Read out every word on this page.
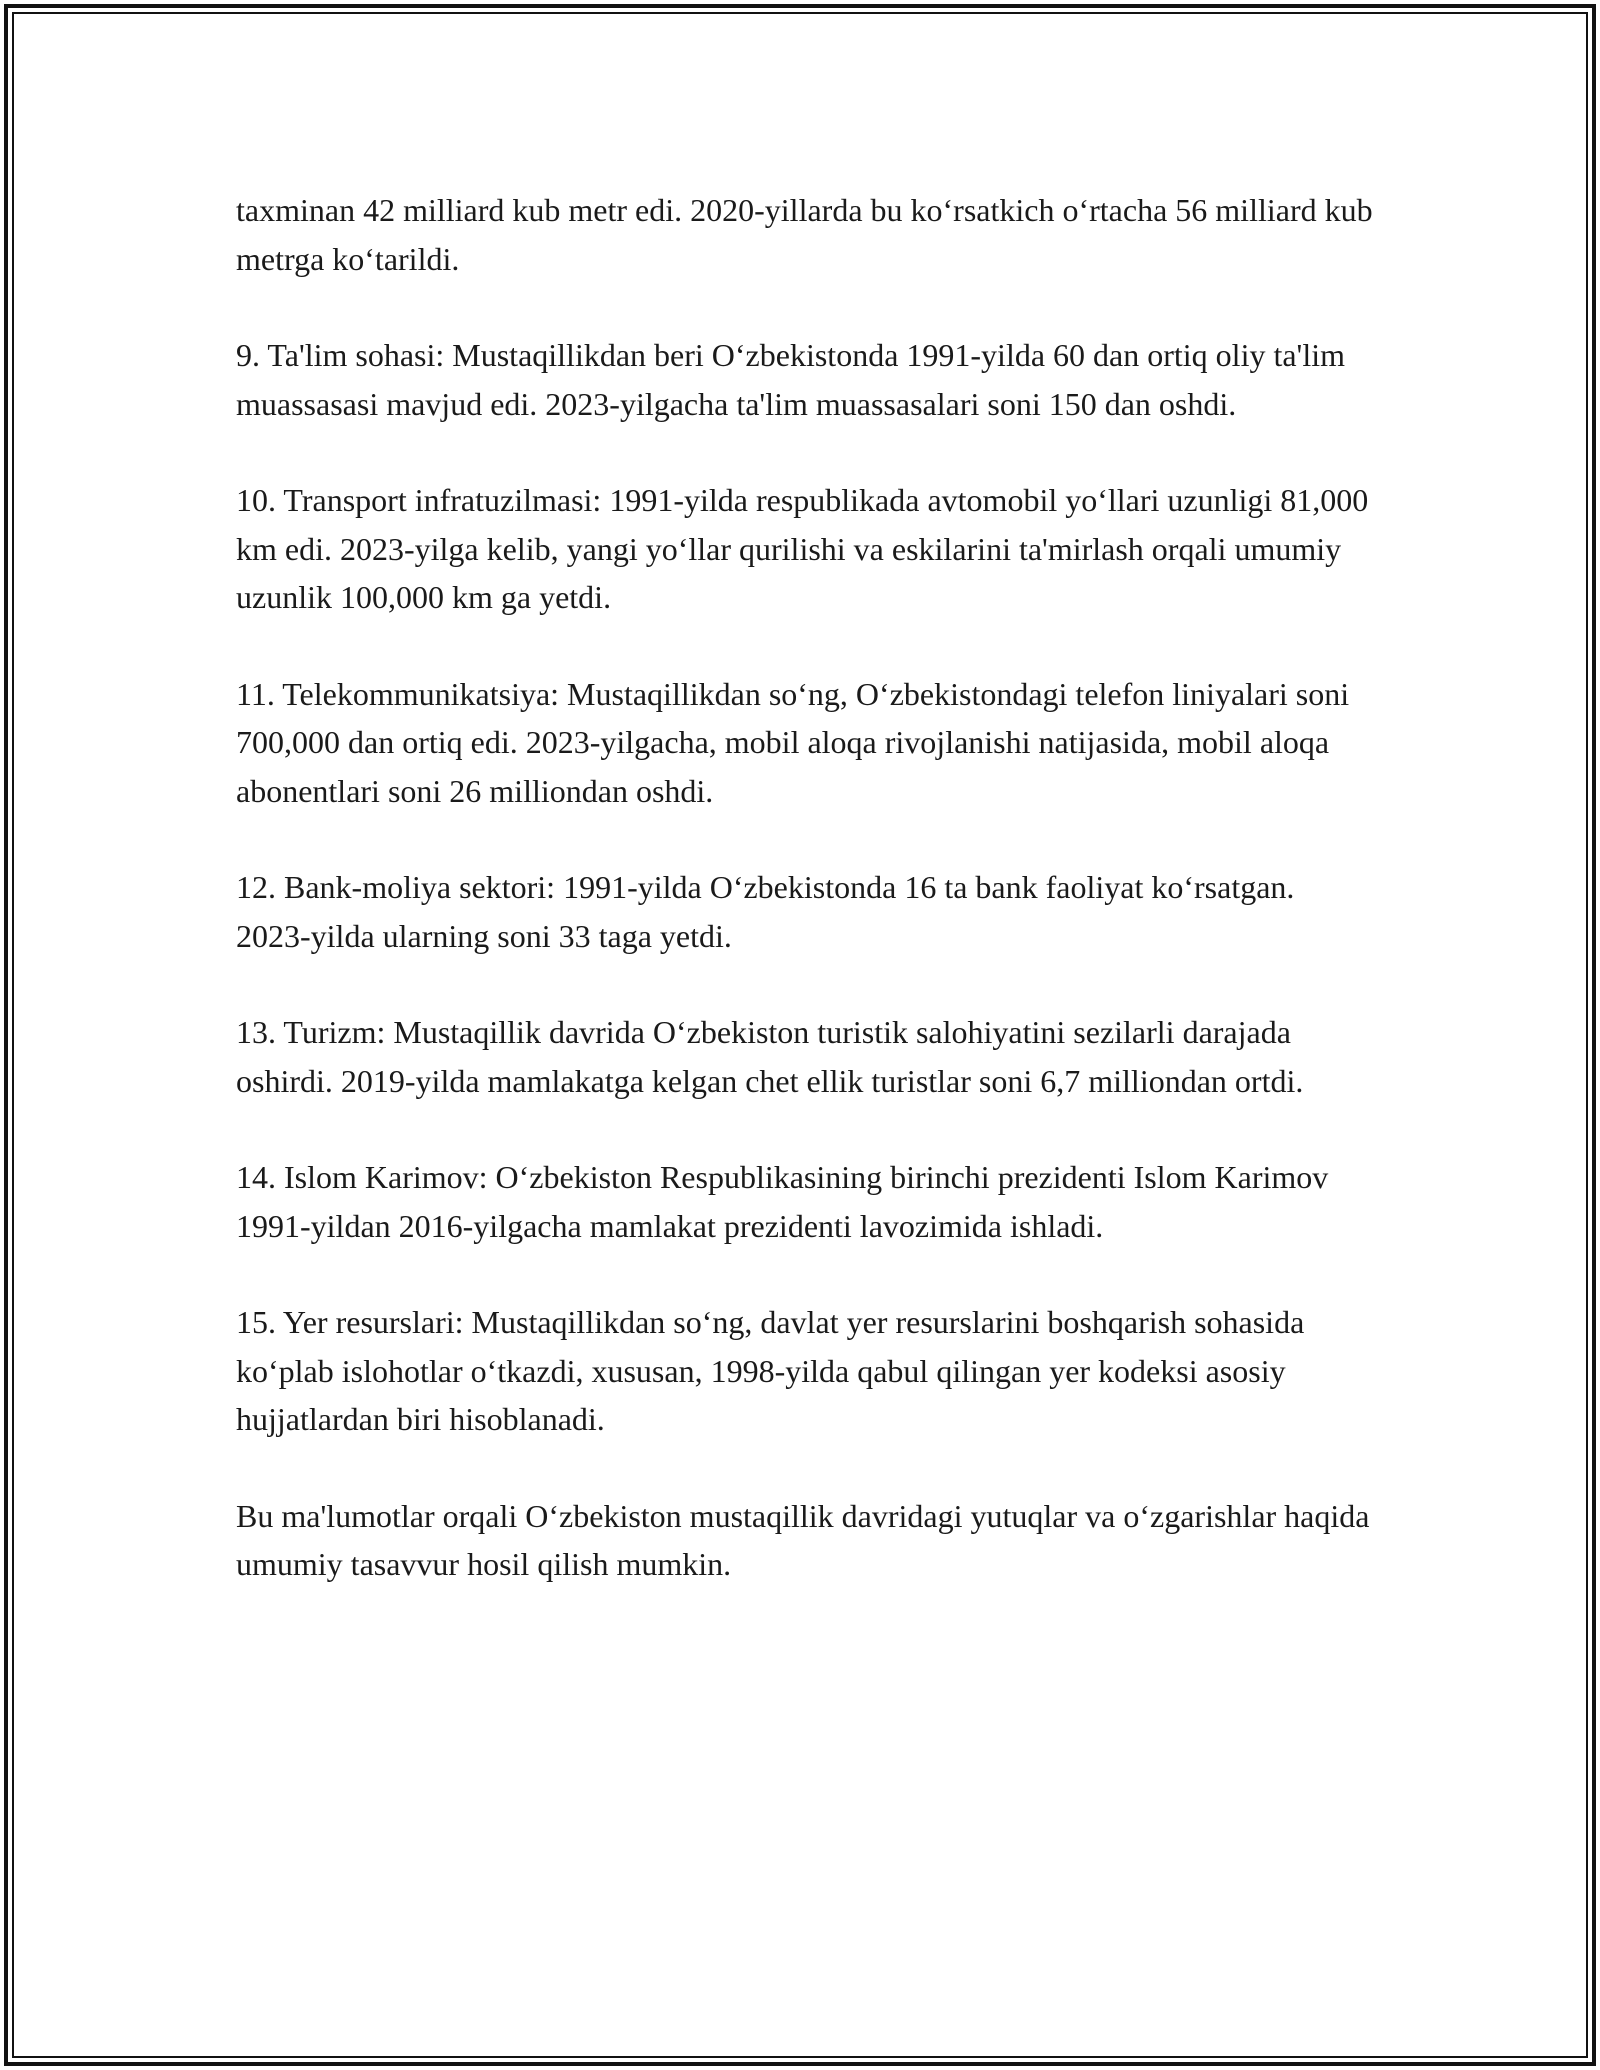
taxminan 42 milliard kub metr edi. 2020-yillarda bu ko‘rsatkich o‘rtacha 56 milliard kub metrga ko‘tarildi.

9. Ta'lim sohasi: Mustaqillikdan beri O‘zbekistonda 1991-yilda 60 dan ortiq oliy ta'lim muassasasi mavjud edi. 2023-yilgacha ta'lim muassasalari soni 150 dan oshdi.

10. Transport infratuzilmasi: 1991-yilda respublikada avtomobil yo‘llari uzunligi 81,000 km edi. 2023-yilga kelib, yangi yo‘llar qurilishi va eskilarini ta'mirlash orqali umumiy uzunlik 100,000 km ga yetdi.

11. Telekommunikatsiya: Mustaqillikdan so‘ng, O‘zbekistondagi telefon liniyalari soni 700,000 dan ortiq edi. 2023-yilgacha, mobil aloqa rivojlanishi natijasida, mobil aloqa abonentlari soni 26 milliondan oshdi.

12. Bank-moliya sektori: 1991-yilda O‘zbekistonda 16 ta bank faoliyat ko‘rsatgan. 2023-yilda ularning soni 33 taga yetdi.

13. Turizm: Mustaqillik davrida O‘zbekiston turistik salohiyatini sezilarli darajada oshirdi. 2019-yilda mamlakatga kelgan chet ellik turistlar soni 6,7 milliondan ortdi.

14. Islom Karimov: O‘zbekiston Respublikasining birinchi prezidenti Islom Karimov 1991-yildan 2016-yilgacha mamlakat prezidenti lavozimida ishladi.

15. Yer resurslari: Mustaqillikdan so‘ng, davlat yer resurslarini boshqarish sohasida ko‘plab islohotlar o‘tkazdi, xususan, 1998-yilda qabul qilingan yer kodeksi asosiy hujjatlardan biri hisoblanadi.

Bu ma'lumotlar orqali O‘zbekiston mustaqillik davridagi yutuqlar va o‘zgarishlar haqida umumiy tasavvur hosil qilish mumkin.
